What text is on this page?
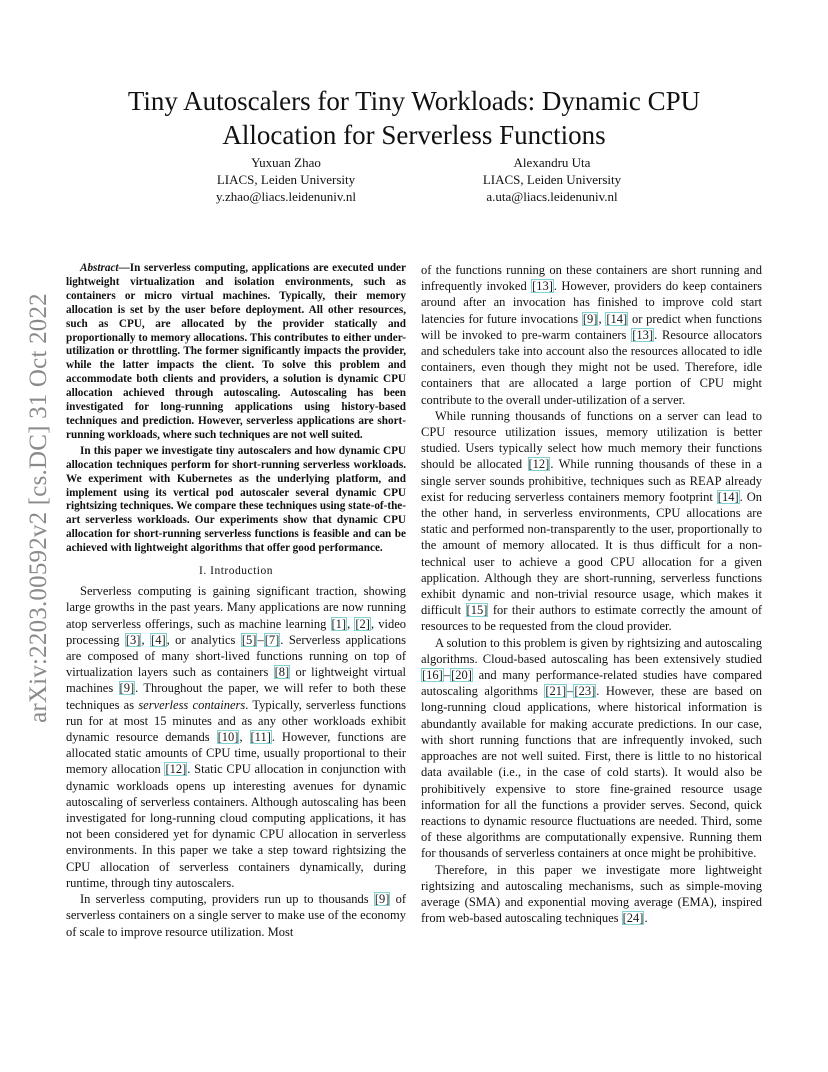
arXiv:2203.00592v2 [cs.DC] 31 Oct 2022
Tiny Autoscalers for Tiny Workloads: Dynamic CPU Allocation for Serverless Functions
Yuxuan Zhao
LIACS, Leiden University
y.zhao@liacs.leidenuniv.nl
Alexandru Uta
LIACS, Leiden University
a.uta@liacs.leidenuniv.nl

Abstract—In serverless computing, applications are executed under lightweight virtualization and isolation environments, such as containers or micro virtual machines. Typically, their memory allocation is set by the user before deployment. All other resources, such as CPU, are allocated by the provider statically and proportionally to memory allocations. This contributes to either under-utilization or throttling. The former significantly impacts the provider, while the latter impacts the client. To solve this problem and accommodate both clients and providers, a solution is dynamic CPU allocation achieved through autoscaling. Autoscaling has been investigated for long-running applications using history-based techniques and prediction. However, serverless applications are short-running workloads, where such techniques are not well suited.

In this paper we investigate tiny autoscalers and how dynamic CPU allocation techniques perform for short-running serverless workloads. We experiment with Kubernetes as the underlying platform, and implement using its vertical pod autoscaler several dynamic CPU rightsizing techniques. We compare these techniques using state-of-the-art serverless workloads. Our experiments show that dynamic CPU allocation for short-running serverless functions is feasible and can be achieved with lightweight algorithms that offer good performance.

I. Introduction

Serverless computing is gaining significant traction, showing large growths in the past years. Many applications are now running atop serverless offerings, such as machine learning [1], [2], video processing [3], [4], or analytics [5]–[7]. Serverless applications are composed of many short-lived functions running on top of virtualization layers such as containers [8] or lightweight virtual machines [9]. Throughout the paper, we will refer to both these techniques as serverless containers. Typically, serverless functions run for at most 15 minutes and as any other workloads exhibit dynamic resource demands [10], [11]. However, functions are allocated static amounts of CPU time, usually proportional to their memory allocation [12]. Static CPU allocation in conjunction with dynamic workloads opens up interesting avenues for dynamic autoscaling of serverless containers. Although autoscaling has been investigated for long-running cloud computing applications, it has not been considered yet for dynamic CPU allocation in serverless environments. In this paper we take a step toward rightsizing the CPU allocation of serverless containers dynamically, during runtime, through tiny autoscalers.

In serverless computing, providers run up to thousands [9] of serverless containers on a single server to make use of the economy of scale to improve resource utilization. Most

of the functions running on these containers are short running and infrequently invoked [13]. However, providers do keep containers around after an invocation has finished to improve cold start latencies for future invocations [9], [14] or predict when functions will be invoked to pre-warm containers [13]. Resource allocators and schedulers take into account also the resources allocated to idle containers, even though they might not be used. Therefore, idle containers that are allocated a large portion of CPU might contribute to the overall under-utilization of a server.

While running thousands of functions on a server can lead to CPU resource utilization issues, memory utilization is better studied. Users typically select how much memory their functions should be allocated [12]. While running thousands of these in a single server sounds prohibitive, techniques such as REAP already exist for reducing serverless containers memory footprint [14]. On the other hand, in serverless environments, CPU allocations are static and performed non-transparently to the user, proportionally to the amount of memory allocated. It is thus difficult for a non-technical user to achieve a good CPU allocation for a given application. Although they are short-running, serverless functions exhibit dynamic and non-trivial resource usage, which makes it difficult [15] for their authors to estimate correctly the amount of resources to be requested from the cloud provider.

A solution to this problem is given by rightsizing and autoscaling algorithms. Cloud-based autoscaling has been extensively studied [16]–[20] and many performance-related studies have compared autoscaling algorithms [21]–[23]. However, these are based on long-running cloud applications, where historical information is abundantly available for making accurate predictions. In our case, with short running functions that are infrequently invoked, such approaches are not well suited. First, there is little to no historical data available (i.e., in the case of cold starts). It would also be prohibitively expensive to store fine-grained resource usage information for all the functions a provider serves. Second, quick reactions to dynamic resource fluctuations are needed. Third, some of these algorithms are computationally expensive. Running them for thousands of serverless containers at once might be prohibitive.

Therefore, in this paper we investigate more lightweight rightsizing and autoscaling mechanisms, such as simple-moving average (SMA) and exponential moving average (EMA), inspired from web-based autoscaling techniques [24].
